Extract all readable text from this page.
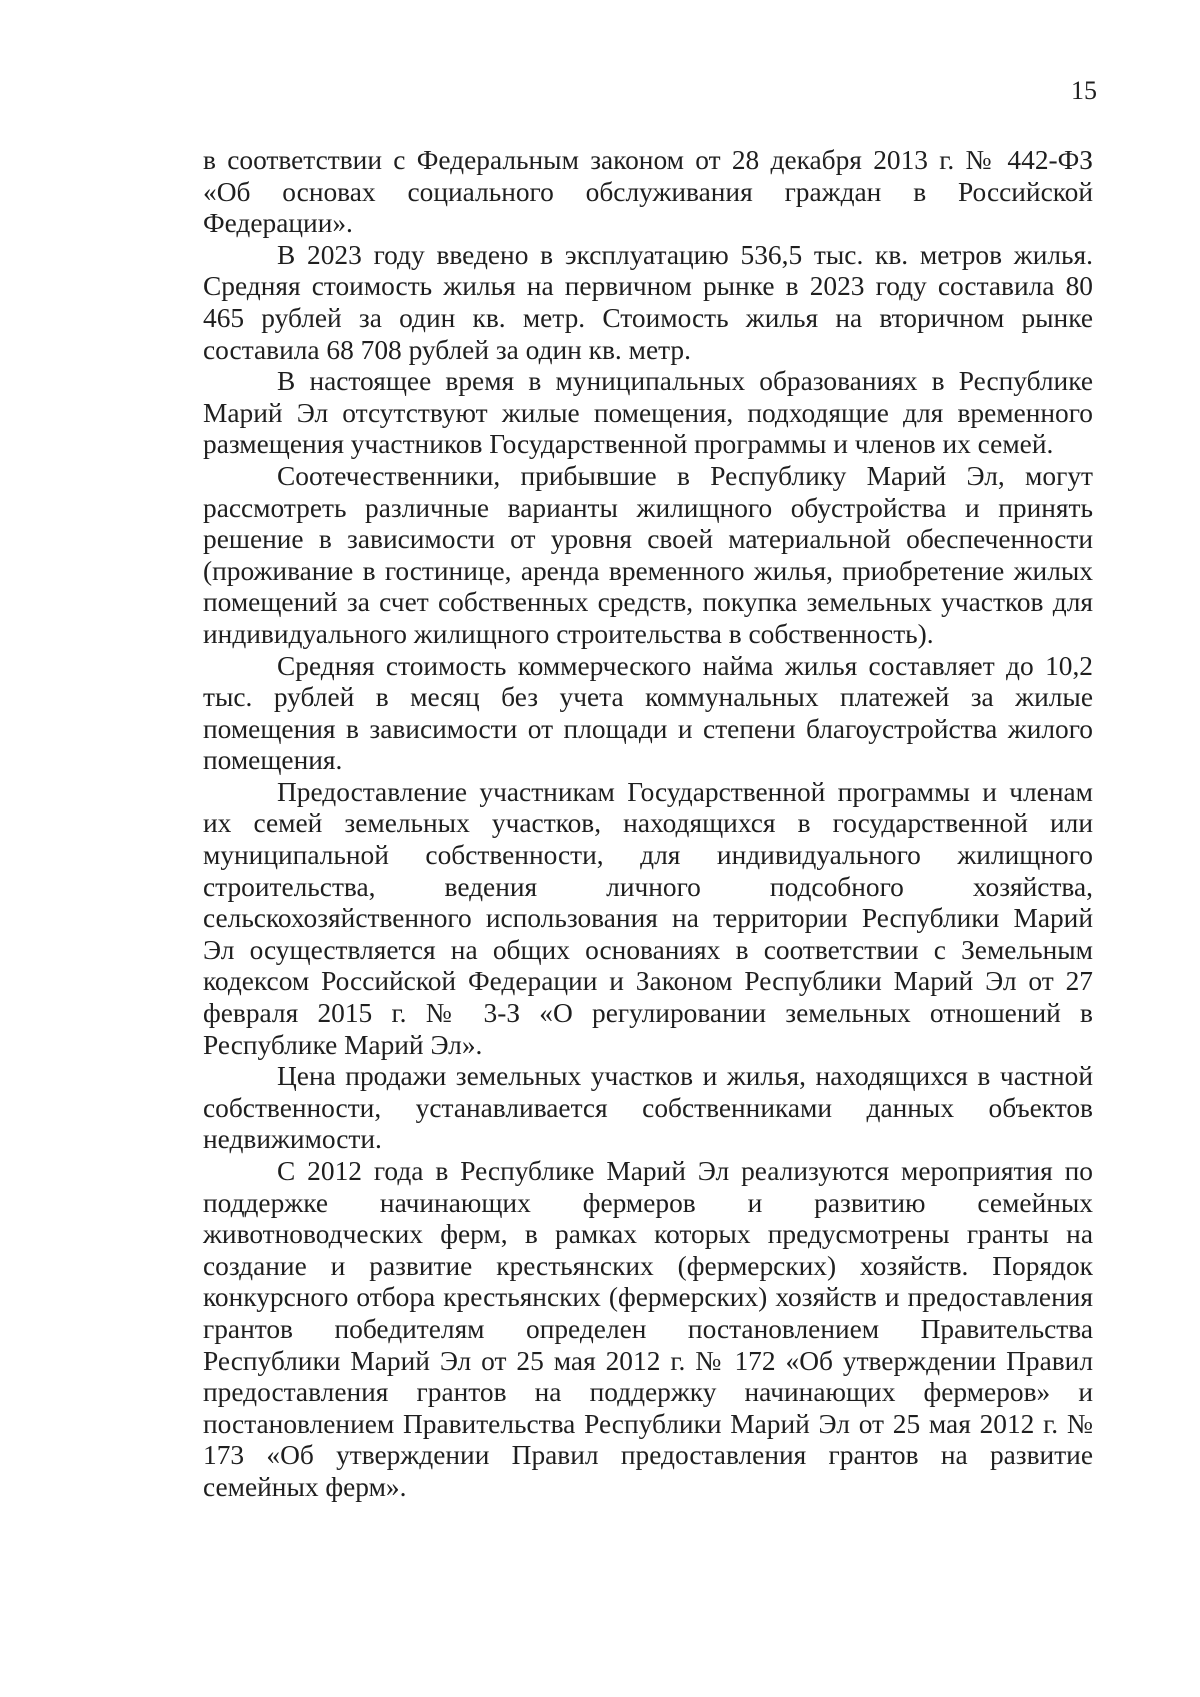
15

в соответствии с Федеральным законом от 28 декабря 2013 г. № 442-ФЗ «Об основах социального обслуживания граждан в Российской Федерации».

В 2023 году введено в эксплуатацию 536,5 тыс. кв. метров жилья. Средняя стоимость жилья на первичном рынке в 2023 году составила 80 465 рублей за один кв. метр. Стоимость жилья на вторичном рынке составила 68 708 рублей за один кв. метр.

В настоящее время в муниципальных образованиях в Республике Марий Эл отсутствуют жилые помещения, подходящие для временного размещения участников Государственной программы и членов их семей.

Соотечественники, прибывшие в Республику Марий Эл, могут рассмотреть различные варианты жилищного обустройства и принять решение в зависимости от уровня своей материальной обеспеченности (проживание в гостинице, аренда временного жилья, приобретение жилых помещений за счет собственных средств, покупка земельных участков для индивидуального жилищного строительства в собственность).

Средняя стоимость коммерческого найма жилья составляет до 10,2 тыс. рублей в месяц без учета коммунальных платежей за жилые помещения в зависимости от площади и степени благоустройства жилого помещения.

Предоставление участникам Государственной программы и членам их семей земельных участков, находящихся в государственной или муниципальной собственности, для индивидуального жилищного строительства, ведения личного подсобного хозяйства, сельскохозяйственного использования на территории Республики Марий Эл осуществляется на общих основаниях в соответствии с Земельным кодексом Российской Федерации и Законом Республики Марий Эл от 27 февраля 2015 г. № 3-З «О регулировании земельных отношений в Республике Марий Эл».

Цена продажи земельных участков и жилья, находящихся в частной собственности, устанавливается собственниками данных объектов недвижимости.

С 2012 года в Республике Марий Эл реализуются мероприятия по поддержке начинающих фермеров и развитию семейных животноводческих ферм, в рамках которых предусмотрены гранты на создание и развитие крестьянских (фермерских) хозяйств. Порядок конкурсного отбора крестьянских (фермерских) хозяйств и предоставления грантов победителям определен постановлением Правительства Республики Марий Эл от 25 мая 2012 г. № 172 «Об утверждении Правил предоставления грантов на поддержку начинающих фермеров» и постановлением Правительства Республики Марий Эл от 25 мая 2012 г. № 173 «Об утверждении Правил предоставления грантов на развитие семейных ферм».
